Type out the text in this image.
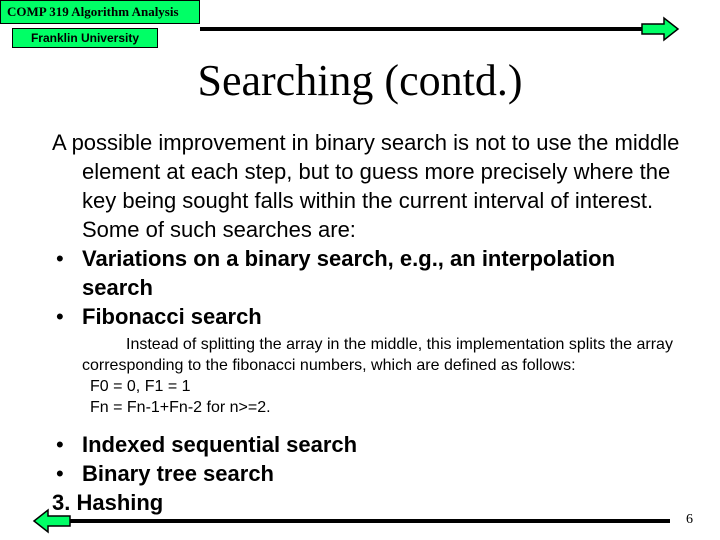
COMP 319 Algorithm Analysis
Franklin University
Searching (contd.)
A possible improvement in binary search is not to use the middle element at each step, but to guess more precisely where the key being sought falls within the current interval of interest. Some of such searches are:
• Variations on a binary search, e.g., an interpolation search
• Fibonacci search
Instead of splitting the array in the middle, this implementation splits the array corresponding to the fibonacci numbers, which are defined as follows:
F0 = 0, F1 = 1
Fn = Fn-1+Fn-2 for n>=2.
• Indexed sequential search
• Binary tree search
3. Hashing
6
